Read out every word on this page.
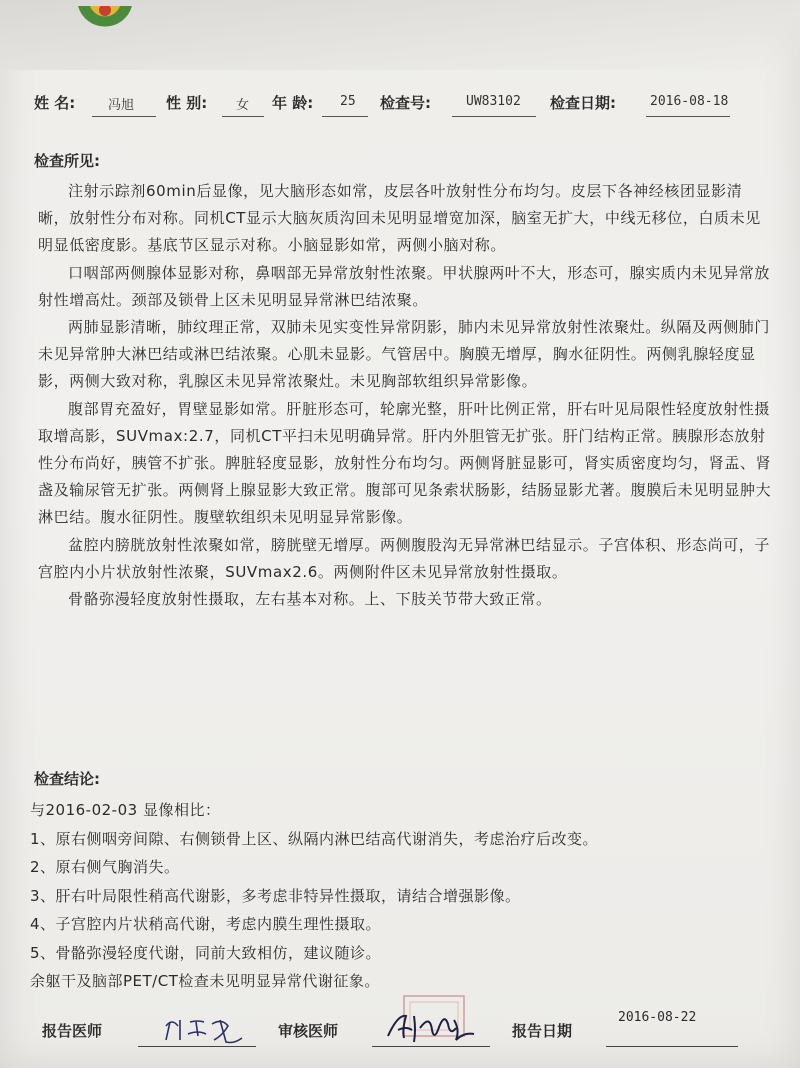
姓 名:	冯旭 性 别: 女 年 龄: 25 检查号:	UW83102 检查日期:	2016-08-18
检查所见:

注射示踪剂60min后显像，见大脑形态如常，皮层各叶放射性分布均匀。皮层下各神经核团显影清晰，放射性分布对称。同机CT显示大脑灰质沟回未见明显增宽加深，脑室无扩大，中线无移位，白质未见明显低密度影。基底节区显示对称。小脑显影如常，两侧小脑对称。

口咽部两侧腺体显影对称，鼻咽部无异常放射性浓聚。甲状腺两叶不大，形态可，腺实质内未见异常放射性增高灶。颈部及锁骨上区未见明显异常淋巴结浓聚。

两肺显影清晰，肺纹理正常，双肺未见实变性异常阴影，肺内未见异常放射性浓聚灶。纵隔及两侧肺门未见异常肿大淋巴结或淋巴结浓聚。心肌未显影。气管居中。胸膜无增厚，胸水征阴性。两侧乳腺轻度显影，两侧大致对称，乳腺区未见异常浓聚灶。未见胸部软组织异常影像。

腹部胃充盈好，胃壁显影如常。肝脏形态可，轮廓光整，肝叶比例正常，肝右叶见局限性轻度放射性摄取增高影，SUVmax:2.7，同机CT平扫未见明确异常。肝内外胆管无扩张。肝门结构正常。胰腺形态放射性分布尚好，胰管不扩张。脾脏轻度显影，放射性分布均匀。两侧肾脏显影可，肾实质密度均匀，肾盂、肾盏及输尿管无扩张。两侧肾上腺显影大致正常。腹部可见条索状肠影，结肠显影尤著。腹膜后未见明显肿大淋巴结。腹水征阴性。腹壁软组织未见明显异常影像。

盆腔内膀胱放射性浓聚如常，膀胱壁无增厚。两侧腹股沟无异常淋巴结显示。子宫体积、形态尚可，子宫腔内小片状放射性浓聚，SUVmax2.6。两侧附件区未见异常放射性摄取。

骨骼弥漫轻度放射性摄取，左右基本对称。上、下肢关节带大致正常。

检查结论:
与2016-02-03 显像相比：
1、原右侧咽旁间隙、右侧锁骨上区、纵隔内淋巴结高代谢消失，考虑治疗后改变。
2、原右侧气胸消失。
3、肝右叶局限性稍高代谢影，多考虑非特异性摄取，请结合增强影像。
4、子宫腔内片状稍高代谢，考虑内膜生理性摄取。
5、骨骼弥漫轻度代谢，同前大致相仿，建议随诊。
余躯干及脑部PET/CT检查未见明显异常代谢征象。
报告医师	审核医师	报告日期
2016-08-22
